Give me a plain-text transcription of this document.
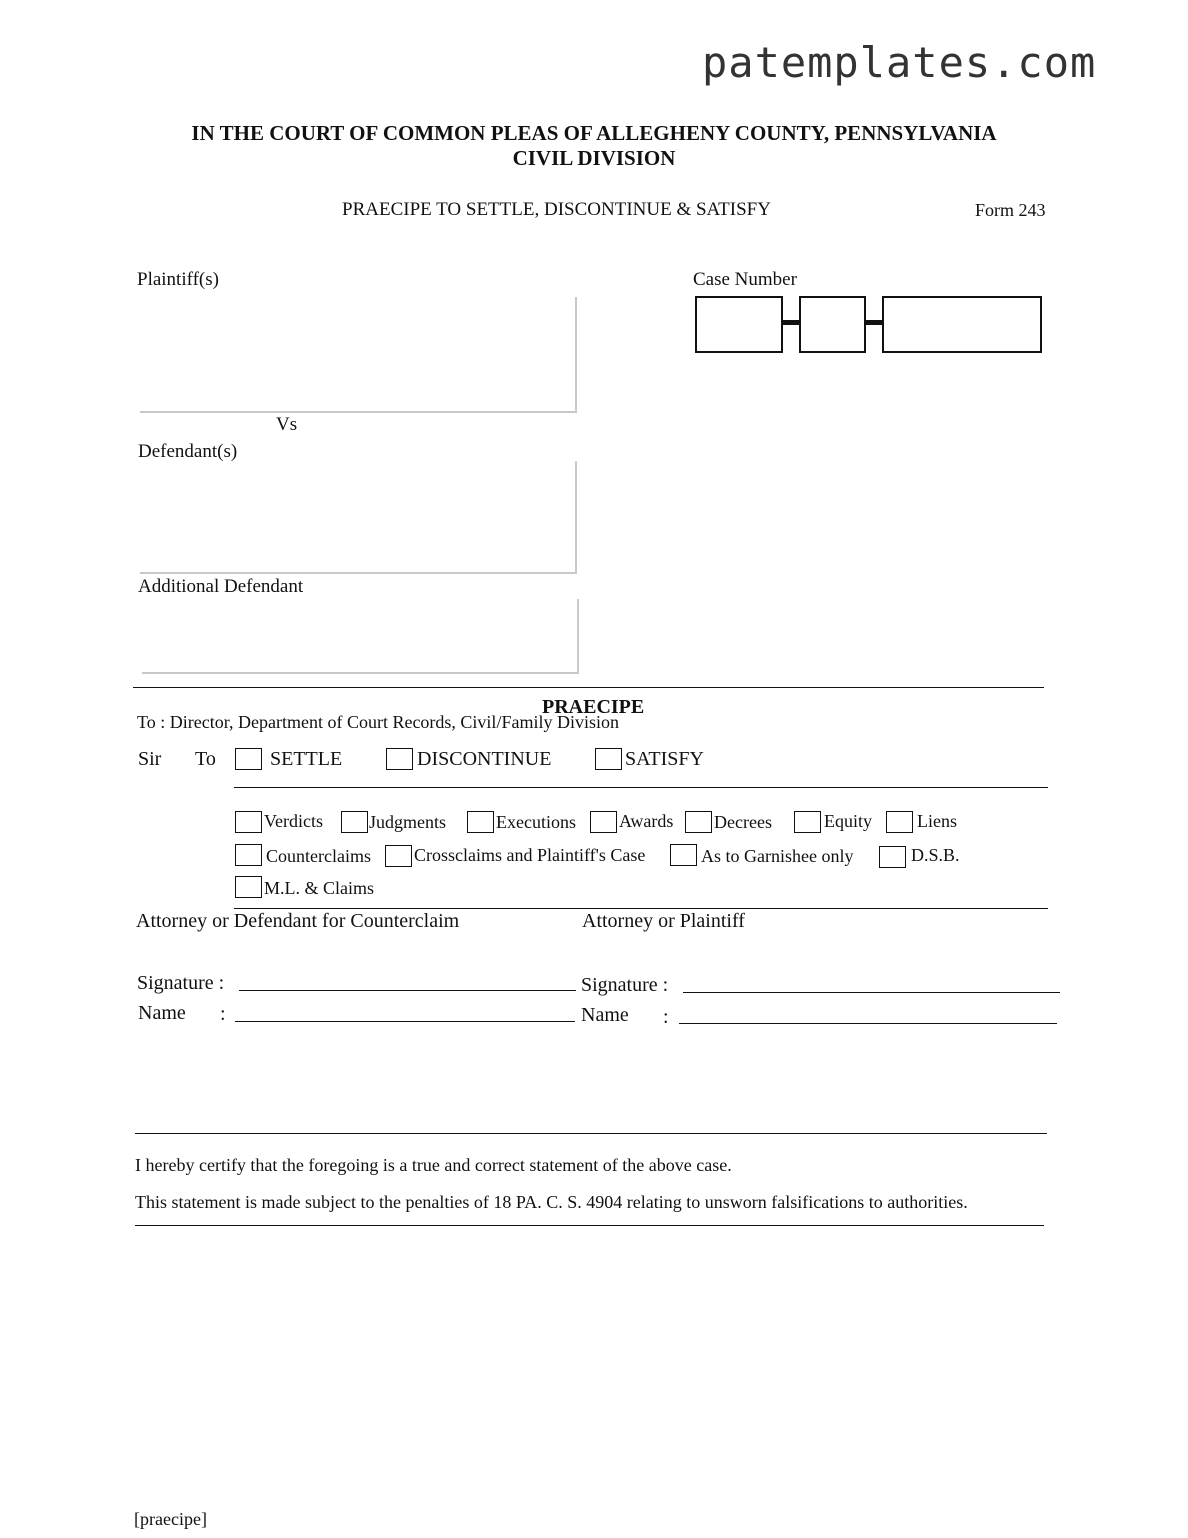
patemplates.com
IN THE COURT OF COMMON PLEAS OF ALLEGHENY COUNTY, PENNSYLVANIA
CIVIL DIVISION
PRAECIPE TO SETTLE, DISCONTINUE & SATISFY	Form 243
Plaintiff(s)
Vs
Defendant(s)
Additional Defendant
Case Number
PRAECIPE
To : Director, Department of Court Records, Civil/Family Division
Sir To	SETTLE	DISCONTINUE	SATISFY
Verdicts	Judgments	Executions Awards Decrees	Equity	Liens
Counterclaims Crossclaims and Plaintiff's Case	As to Garnishee only	D.S.B.
M.L. & Claims
Attorney or Defendant for Counterclaim	Attorney or Plaintiff
Signature :
Name :
Signature :
Name :
I hereby certify that the foregoing is a true and correct statement of the above case.
This statement is made subject to the penalties of 18 PA. C. S. 4904 relating to unsworn falsifications to authorities.
[praecipe]
